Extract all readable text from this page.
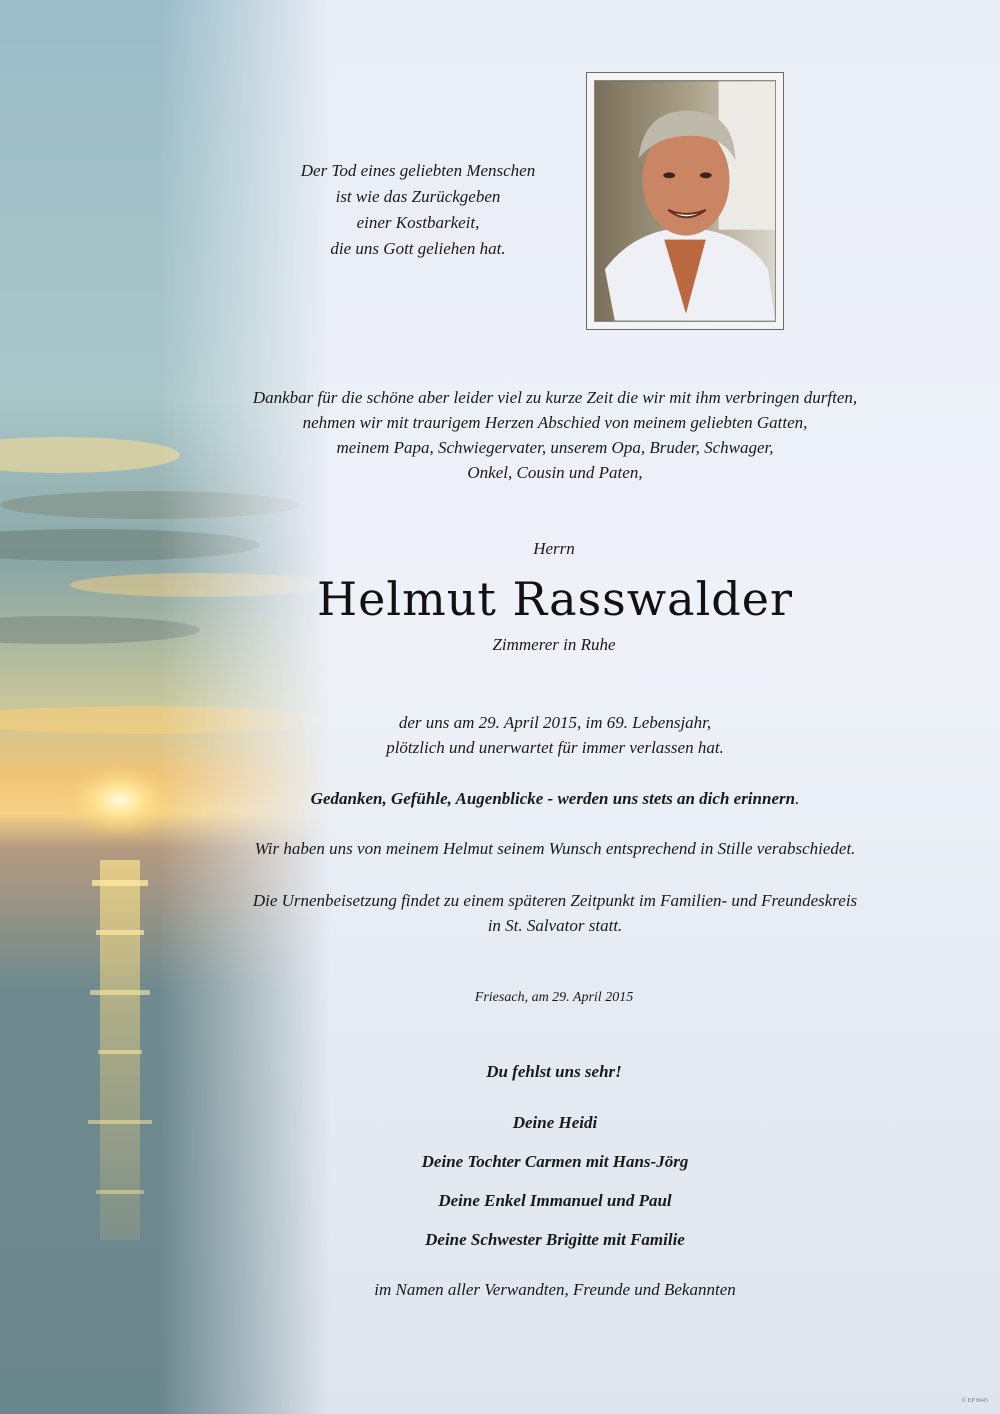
Der Tod eines geliebten Menschen
ist wie das Zurückgeben
einer Kostbarkeit,
die uns Gott geliehen hat.
Dankbar für die schöne aber leider viel zu kurze Zeit die wir mit ihm verbringen durften,
nehmen wir mit traurigem Herzen Abschied von meinem geliebten Gatten,
meinem Papa, Schwiegervater, unserem Opa, Bruder, Schwager,
Onkel, Cousin und Paten,
Herrn
Helmut Rasswalder
Zimmerer in Ruhe
der uns am 29. April 2015, im 69. Lebensjahr,
plötzlich und unerwartet für immer verlassen hat.
Gedanken, Gefühle, Augenblicke - werden uns stets an dich erinnern.
Wir haben uns von meinem Helmut seinem Wunsch entsprechend in Stille verabschiedet.
Die Urnenbeisetzung findet zu einem späteren Zeitpunkt im Familien- und Freundeskreis
in St. Salvator statt.
Friesach, am 29. April 2015
Du fehlst uns sehr!
Deine Heidi
Deine Tochter Carmen mit Hans-Jörg
Deine Enkel Immanuel und Paul
Deine Schwester Brigitte mit Familie
im Namen aller Verwandten, Freunde und Bekannten
© EP 9045
